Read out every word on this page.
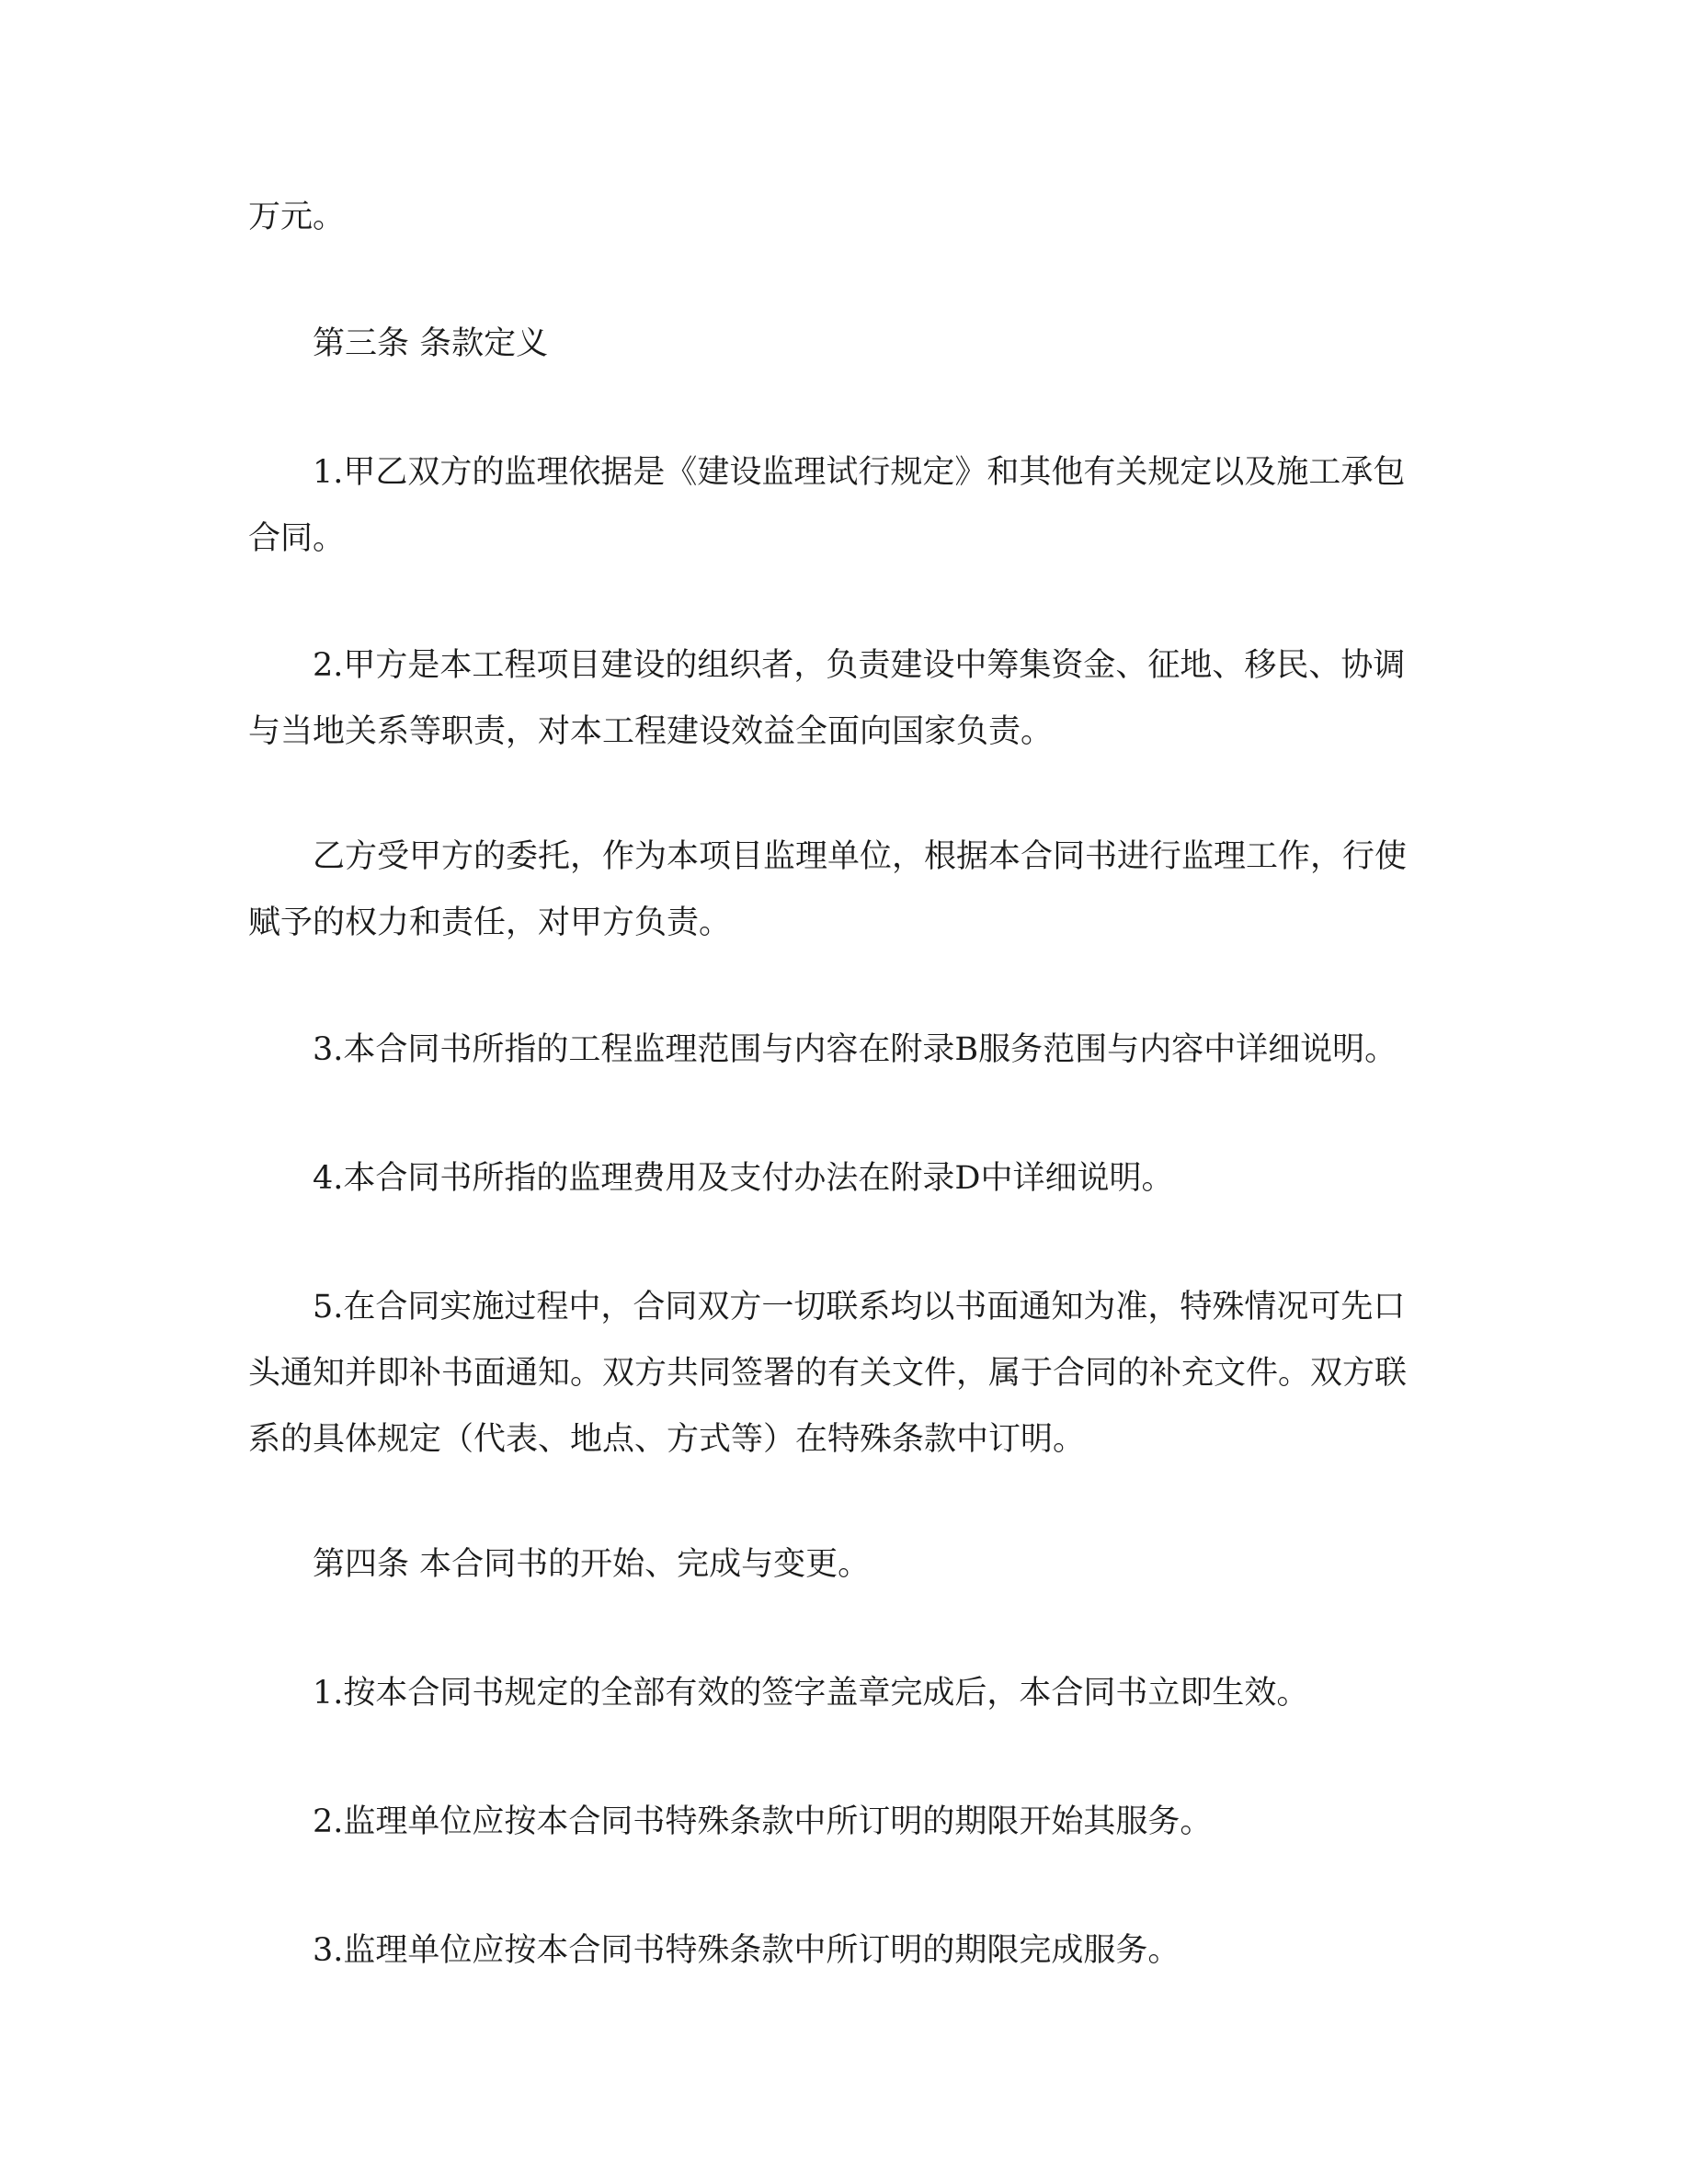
万元。

第三条 条款定义

1.甲乙双方的监理依据是《建设监理试行规定》和其他有关规定以及施工承包
合同。

2.甲方是本工程项目建设的组织者，负责建设中筹集资金、征地、移民、协调
与当地关系等职责，对本工程建设效益全面向国家负责。

乙方受甲方的委托，作为本项目监理单位，根据本合同书进行监理工作，行使
赋予的权力和责任，对甲方负责。

3.本合同书所指的工程监理范围与内容在附录B服务范围与内容中详细说明。

4.本合同书所指的监理费用及支付办法在附录D中详细说明。

5.在合同实施过程中，合同双方一切联系均以书面通知为准，特殊情况可先口
头通知并即补书面通知。双方共同签署的有关文件，属于合同的补充文件。双方联
系的具体规定（代表、地点、方式等）在特殊条款中订明。

第四条 本合同书的开始、完成与变更。

1.按本合同书规定的全部有效的签字盖章完成后，本合同书立即生效。

2.监理单位应按本合同书特殊条款中所订明的期限开始其服务。

3.监理单位应按本合同书特殊条款中所订明的期限完成服务。
